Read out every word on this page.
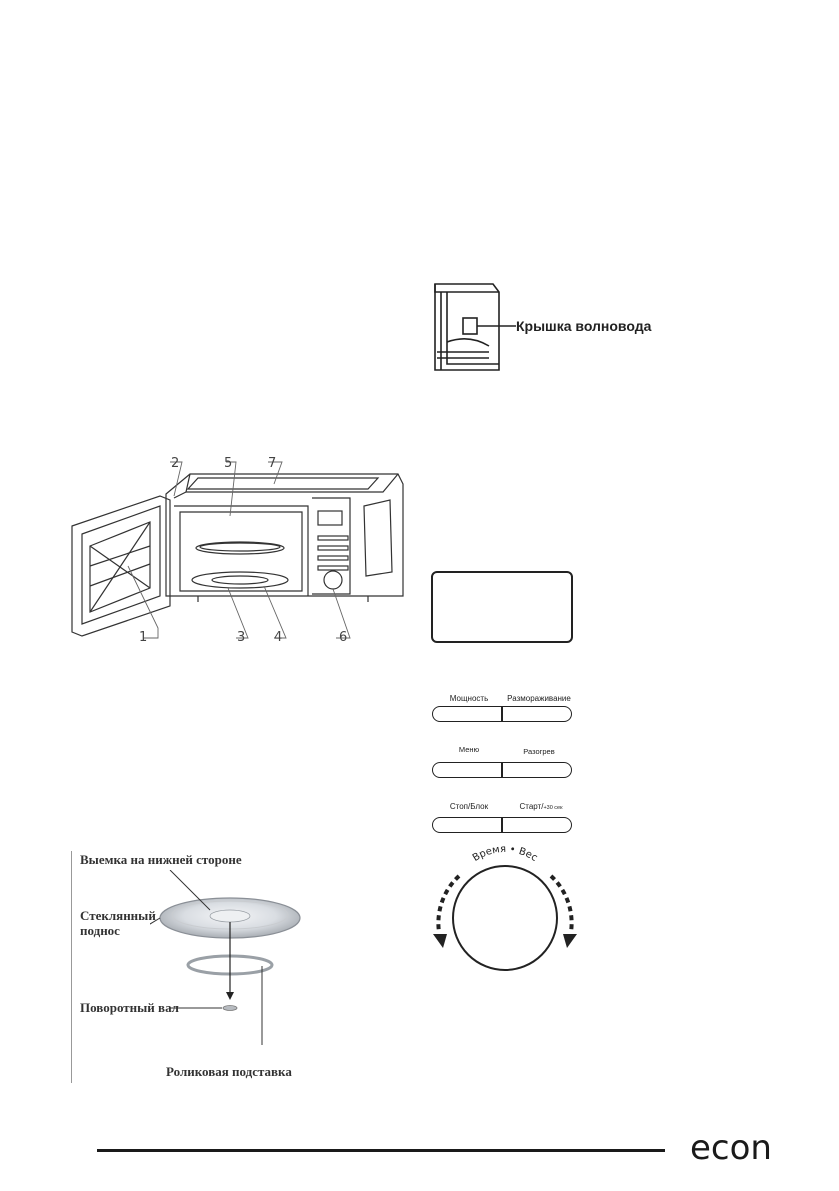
Крышка волновода
2	5	7
1	3 4	6
Мощность	Размораживание
Меню	Разогрев
Стоп/Блок	Старт/+30 сек
Время • Вес
Выемка на нижней стороне
Стеклянный
поднос
Поворотный вал
Роликовая подставка
econ
